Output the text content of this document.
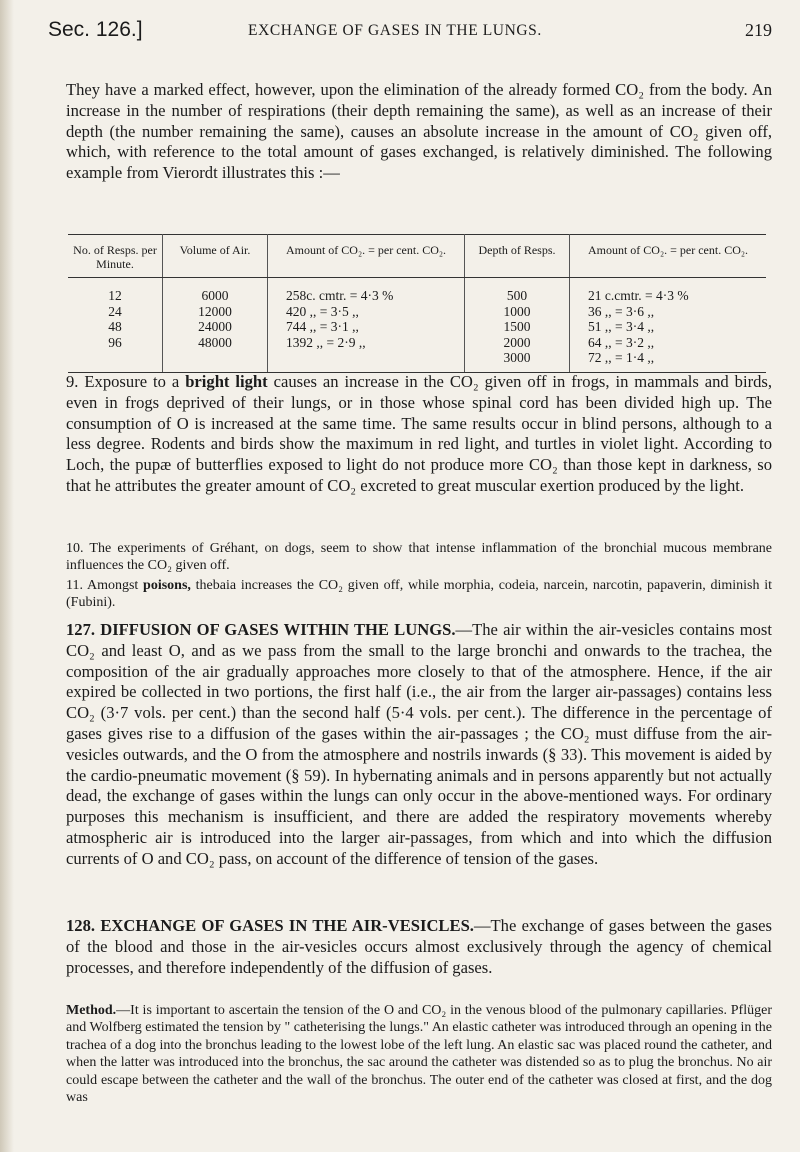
Sec. 126.]	EXCHANGE OF GASES IN THE LUNGS.	219

They have a marked effect, however, upon the elimination of the already formed CO₂ from the body. An increase in the number of respirations (their depth remaining the same), as well as an increase of their depth (the number remaining the same), causes an absolute increase in the amount of CO₂ given off, which, with reference to the total amount of gases exchanged, is relatively diminished. The following example from Vierordt illustrates this :—

No. of Resps. per Minute.	Volume of Air.	Amount of CO₂. = per cent. CO₂.	Depth of Resps.	Amount of CO₂. = per cent. CO₂.
12	6000	258c. cmtr. = 4·3 %	500	21 c.cmtr. = 4·3 %
24	12000	420 ,, = 3·5 ,,	1000	36 ,, = 3·6 ,,
48	24000	744 ,, = 3·1 ,,	1500	51 ,, = 3·4 ,,
96	48000	1392 ,, = 2·9 ,,	2000	64 ,, = 3·2 ,,
			3000	72 ,, = 1·4 ,,

9. Exposure to a bright light causes an increase in the CO₂ given off in frogs, in mammals and birds, even in frogs deprived of their lungs, or in those whose spinal cord has been divided high up. The consumption of O is increased at the same time. The same results occur in blind persons, although to a less degree. Rodents and birds show the maximum in red light, and turtles in violet light. According to Loch, the pupæ of butterflies exposed to light do not produce more CO₂ than those kept in darkness, so that he attributes the greater amount of CO₂ excreted to great muscular exertion produced by the light.

10. The experiments of Gréhant, on dogs, seem to show that intense inflammation of the bronchial mucous membrane influences the CO₂ given off.

11. Amongst poisons, thebaia increases the CO₂ given off, while morphia, codeia, narcein, narcotin, papaverin, diminish it (Fubini).

127. DIFFUSION OF GASES WITHIN THE LUNGS.—The air within the air-vesicles contains most CO₂ and least O, and as we pass from the small to the large bronchi and onwards to the trachea, the composition of the air gradually approaches more closely to that of the atmosphere. Hence, if the air expired be collected in two portions, the first half (i.e., the air from the larger air-passages) contains less CO₂ (3·7 vols. per cent.) than the second half (5·4 vols. per cent.). The difference in the percentage of gases gives rise to a diffusion of the gases within the air-passages ; the CO₂ must diffuse from the air-vesicles outwards, and the O from the atmosphere and nostrils inwards (§ 33). This movement is aided by the cardio-pneumatic movement (§ 59). In hybernating animals and in persons apparently but not actually dead, the exchange of gases within the lungs can only occur in the above-mentioned ways. For ordinary purposes this mechanism is insufficient, and there are added the respiratory movements whereby atmospheric air is introduced into the larger air-passages, from which and into which the diffusion currents of O and CO₂ pass, on account of the difference of tension of the gases.

128. EXCHANGE OF GASES IN THE AIR-VESICLES.—The exchange of gases between the gases of the blood and those in the air-vesicles occurs almost exclusively through the agency of chemical processes, and therefore independently of the diffusion of gases.

Method.—It is important to ascertain the tension of the O and CO₂ in the venous blood of the pulmonary capillaries. Pflüger and Wolfberg estimated the tension by " catheterising the lungs." An elastic catheter was introduced through an opening in the trachea of a dog into the bronchus leading to the lowest lobe of the left lung. An elastic sac was placed round the catheter, and when the latter was introduced into the bronchus, the sac around the catheter was distended so as to plug the bronchus. No air could escape between the catheter and the wall of the bronchus. The outer end of the catheter was closed at first, and the dog was
